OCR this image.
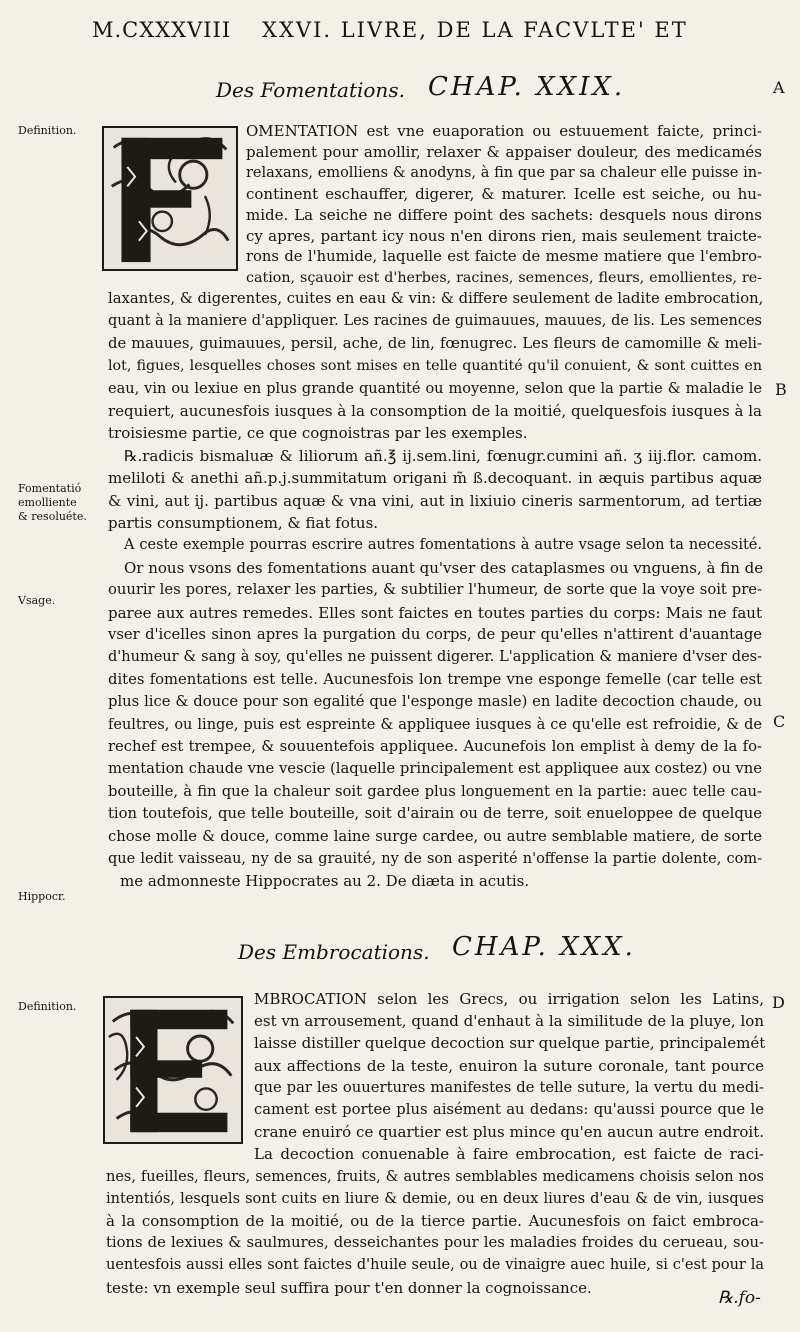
M.CXXXVIII XXVI. LIVRE, DE LA FACVLTE' ET
Des Fomentations. CHAP. XXIX.	A
B
C
D
OMENTATION est vne euaporation ou estuuement faicte, princi-
palement pour amollir, relaxer & appaiser douleur, des medicamés
relaxans, emolliens & anodyns, à fin que par sa chaleur elle puisse in-
continent eschauffer, digerer, & maturer. Icelle est seiche, ou hu-
mide. La seiche ne differe point des sachets: desquels nous dirons
cy apres, partant icy nous n'en dirons rien, mais seulement traicte-
rons de l'humide, laquelle est faicte de mesme matiere que l'embro-
cation, sçauoir est d'herbes, racines, semences, fleurs, emollientes, re-
laxantes, & digerentes, cuites en eau & vin: & differe seulement de ladite embrocation,
quant à la maniere d'appliquer. Les racines de guimauues, mauues, de lis. Les semences
de mauues, guimauues, persil, ache, de lin, fœnugrec. Les fleurs de camomille & meli-
lot, figues, lesquelles choses sont mises en telle quantité qu'il conuient, & sont cuittes en
eau, vin ou lexiue en plus grande quantité ou moyenne, selon que la partie & maladie le
requiert, aucunesfois iusques à la consomption de la moitié, quelquesfois iusques à la
troisiesme partie, ce que cognoistras par les exemples.
℞.radicis bismaluæ & liliorum añ.℥ ij.sem.lini, fœnugr.cumini añ. ʒ iij.flor. camom.
meliloti & anethi añ.p.j.summitatum origani m̃ ß.decoquant. in æquis partibus aquæ
& vini, aut ij. partibus aquæ & vna vini, aut in lixiuio cineris sarmentorum, ad tertiæ
partis consumptionem, & fiat fotus.
A ceste exemple pourras escrire autres fomentations à autre vsage selon ta necessité.
Or nous vsons des fomentations auant qu'vser des cataplasmes ou vnguens, à fin de
ouurir les pores, relaxer les parties, & subtilier l'humeur, de sorte que la voye soit pre-
paree aux autres remedes. Elles sont faictes en toutes parties du corps: Mais ne faut
vser d'icelles sinon apres la purgation du corps, de peur qu'elles n'attirent d'auantage
d'humeur & sang à soy, qu'elles ne puissent digerer. L'application & maniere d'vser des-
dites fomentations est telle. Aucunesfois lon trempe vne esponge femelle (car telle est
plus lice & douce pour son egalité que l'esponge masle) en ladite decoction chaude, ou
feultres, ou linge, puis est espreinte & appliquee iusques à ce qu'elle est refroidie, & de
rechef est trempee, & souuentefois appliquee. Aucunefois lon emplist à demy de la fo-
mentation chaude vne vescie (laquelle principalement est appliquee aux costez) ou vne
bouteille, à fin que la chaleur soit gardee plus longuement en la partie: auec telle cau-
tion toutefois, que telle bouteille, soit d'airain ou de terre, soit enueloppee de quelque
chose molle & douce, comme laine surge cardee, ou autre semblable matiere, de sorte
que ledit vaisseau, ny de sa grauité, ny de son asperité n'offense la partie dolente, com-
me admonneste Hippocrates au 2. De diæta in acutis.
Definition.
Fomentatió
emolliente
& resoluéte.
Vsage.
Hippocr.
Des Embrocations. CHAP. XXX.
MBROCATION selon les Grecs, ou irrigation selon les Latins,
est vn arrousement, quand d'enhaut à la similitude de la pluye, lon
laisse distiller quelque decoction sur quelque partie, principalemét
aux affections de la teste, enuiron la suture coronale, tant pource
que par les ouuertures manifestes de telle suture, la vertu du medi-
cament est portee plus aisément au dedans: qu'aussi pource que le
crane enuiró ce quartier est plus mince qu'en aucun autre endroit.
La decoction conuenable à faire embrocation, est faicte de raci-
nes, fueilles, fleurs, semences, fruits, & autres semblables medicamens choisis selon nos
intentiós, lesquels sont cuits en liure & demie, ou en deux liures d'eau & de vin, iusques
à la consomption de la moitié, ou de la tierce partie. Aucunesfois on faict embroca-
tions de lexiues & saulmures, desseichantes pour les maladies froides du cerueau, sou-
uentesfois aussi elles sont faictes d'huile seule, ou de vinaigre auec huile, si c'est pour la
teste: vn exemple seul suffira pour t'en donner la cognoissance.
Definition.
℞.fo-
